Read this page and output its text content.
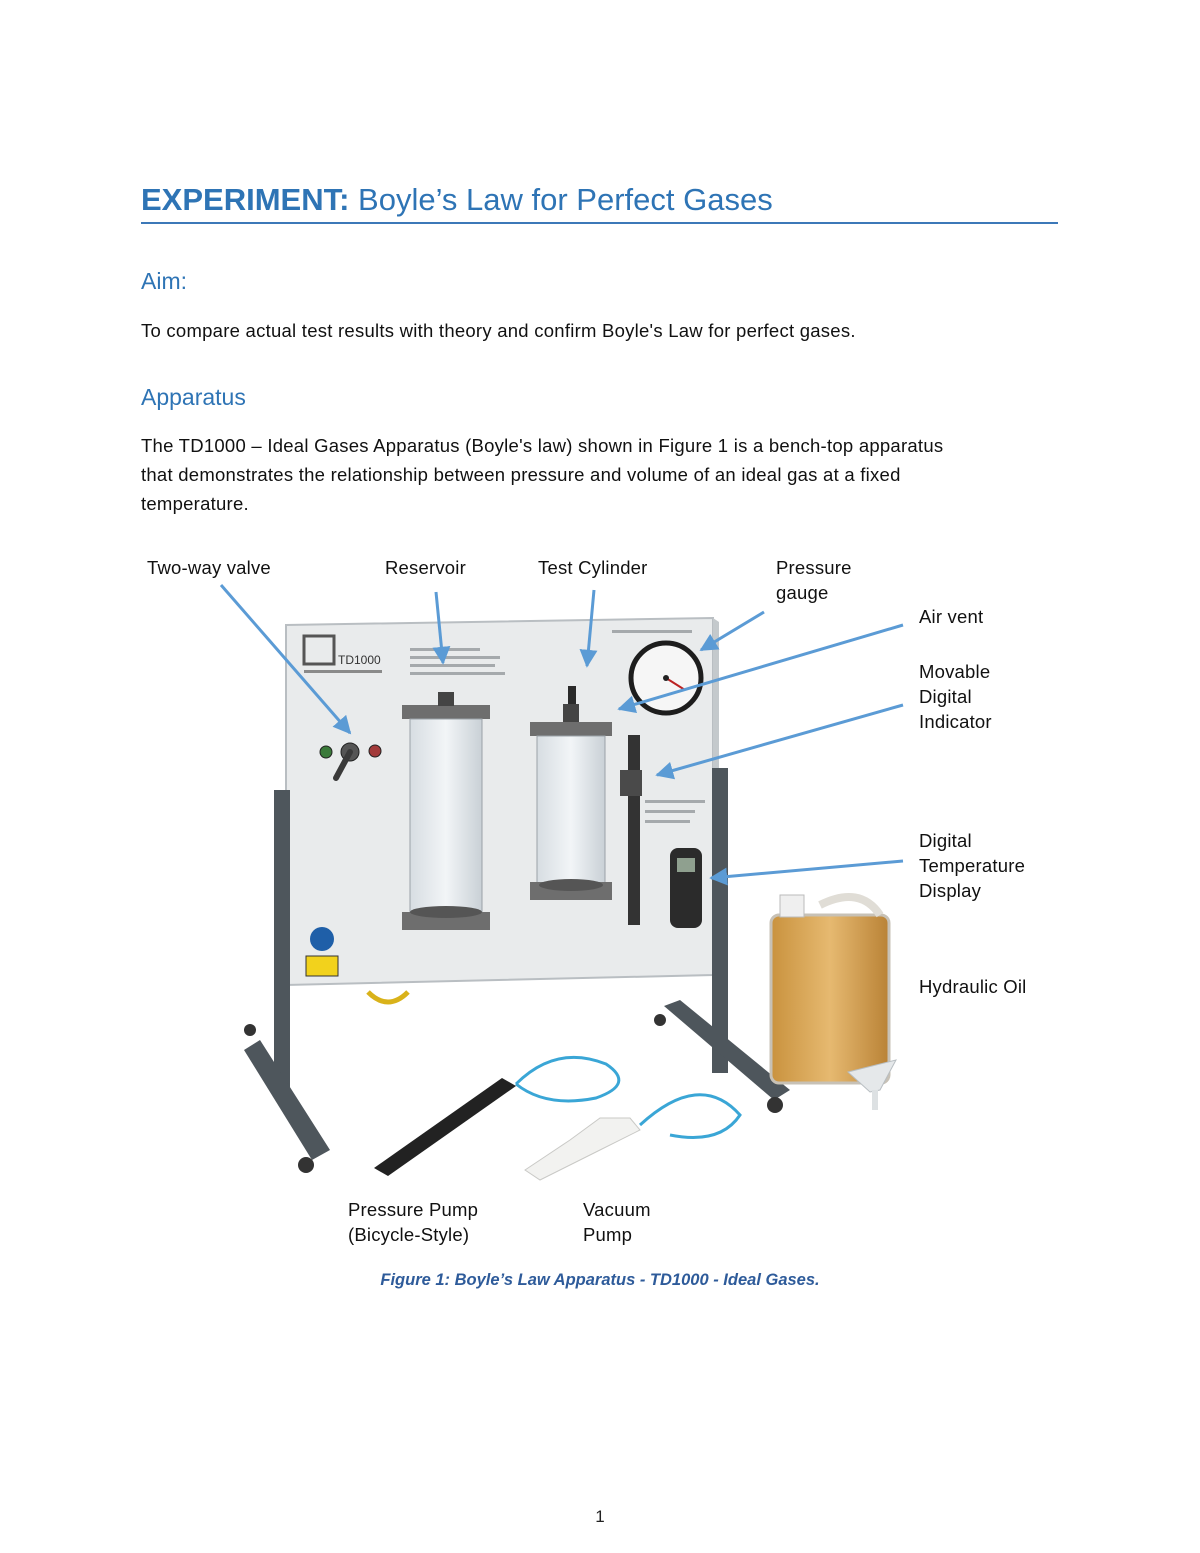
EXPERIMENT: Boyle’s Law for Perfect Gases
Aim:
To compare actual test results with theory and confirm Boyle's Law for perfect gases.
Apparatus
The TD1000 – Ideal Gases Apparatus (Boyle's law) shown in Figure 1 is a bench-top apparatus
that demonstrates the relationship between pressure and volume of an ideal gas at a fixed
temperature.
TD1000
Two-way valve	Reservoir	Test Cylinder	Pressure
gauge
Air vent
Movable
Digital
Indicator
Digital
Temperature
Display
Hydraulic Oil
Pressure Pump
(Bicycle-Style)
Vacuum
Pump
Figure 1: Boyle’s Law Apparatus - TD1000 - Ideal Gases.
1
